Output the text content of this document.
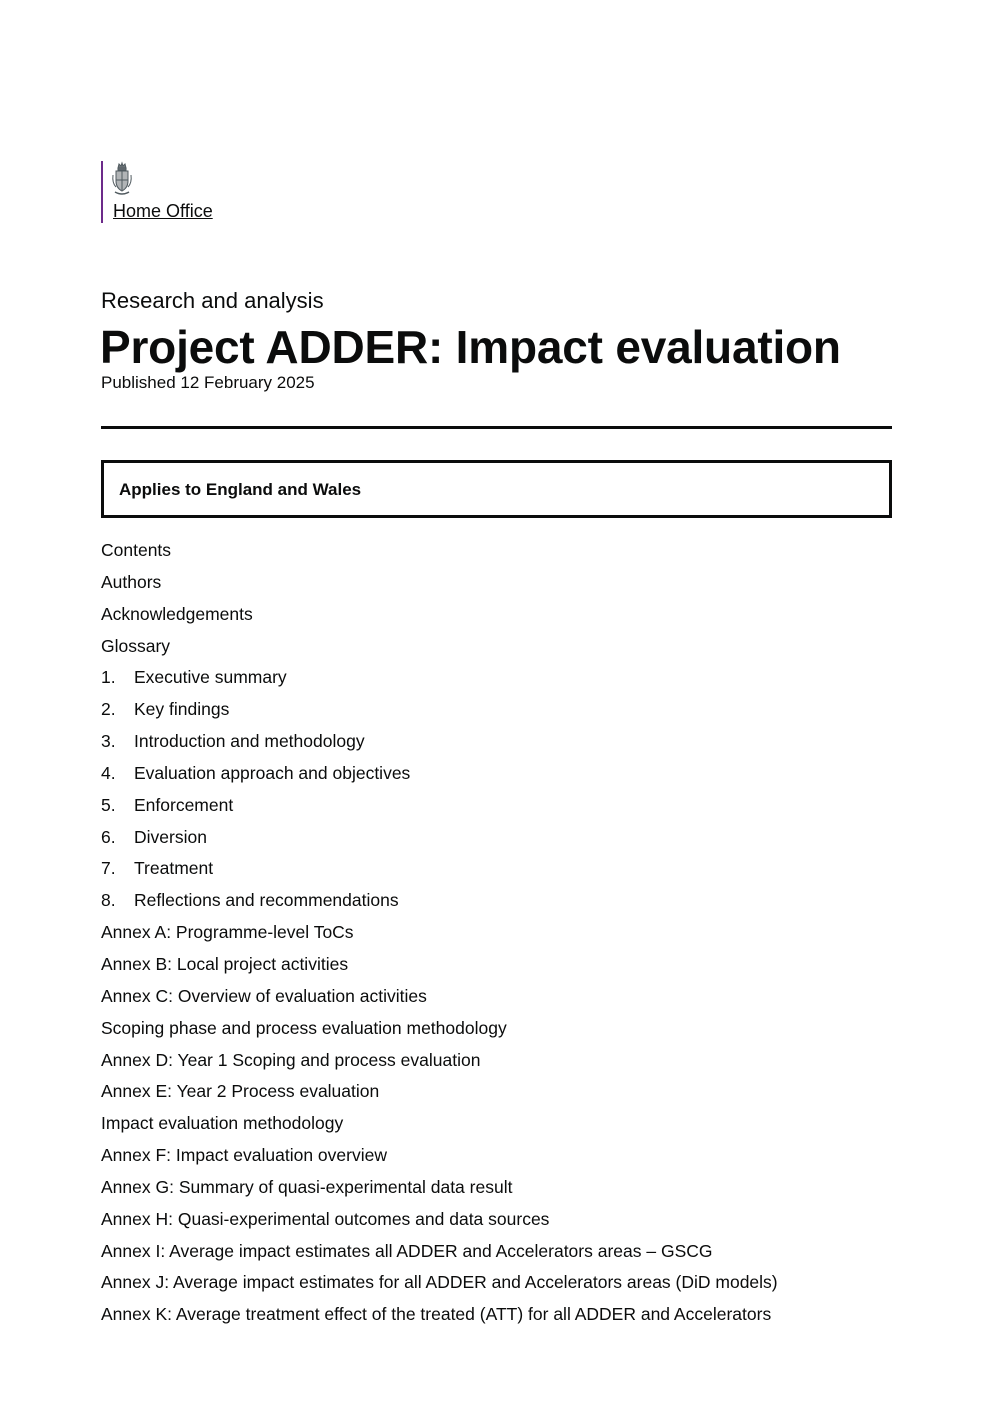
Home Office

Research and analysis

Project ADDER: Impact evaluation
Published 12 February 2025
Applies to England and Wales
Contents
Authors
Acknowledgements
Glossary
1. Executive summary
2. Key findings
3. Introduction and methodology
4. Evaluation approach and objectives
5. Enforcement
6. Diversion
7. Treatment
8. Reflections and recommendations
Annex A: Programme-level ToCs
Annex B: Local project activities
Annex C: Overview of evaluation activities
Scoping phase and process evaluation methodology
Annex D: Year 1 Scoping and process evaluation
Annex E: Year 2 Process evaluation
Impact evaluation methodology
Annex F: Impact evaluation overview
Annex G: Summary of quasi-experimental data result
Annex H: Quasi-experimental outcomes and data sources
Annex I: Average impact estimates all ADDER and Accelerators areas – GSCG
Annex J: Average impact estimates for all ADDER and Accelerators areas (DiD models)
Annex K: Average treatment effect of the treated (ATT) for all ADDER and Accelerators
